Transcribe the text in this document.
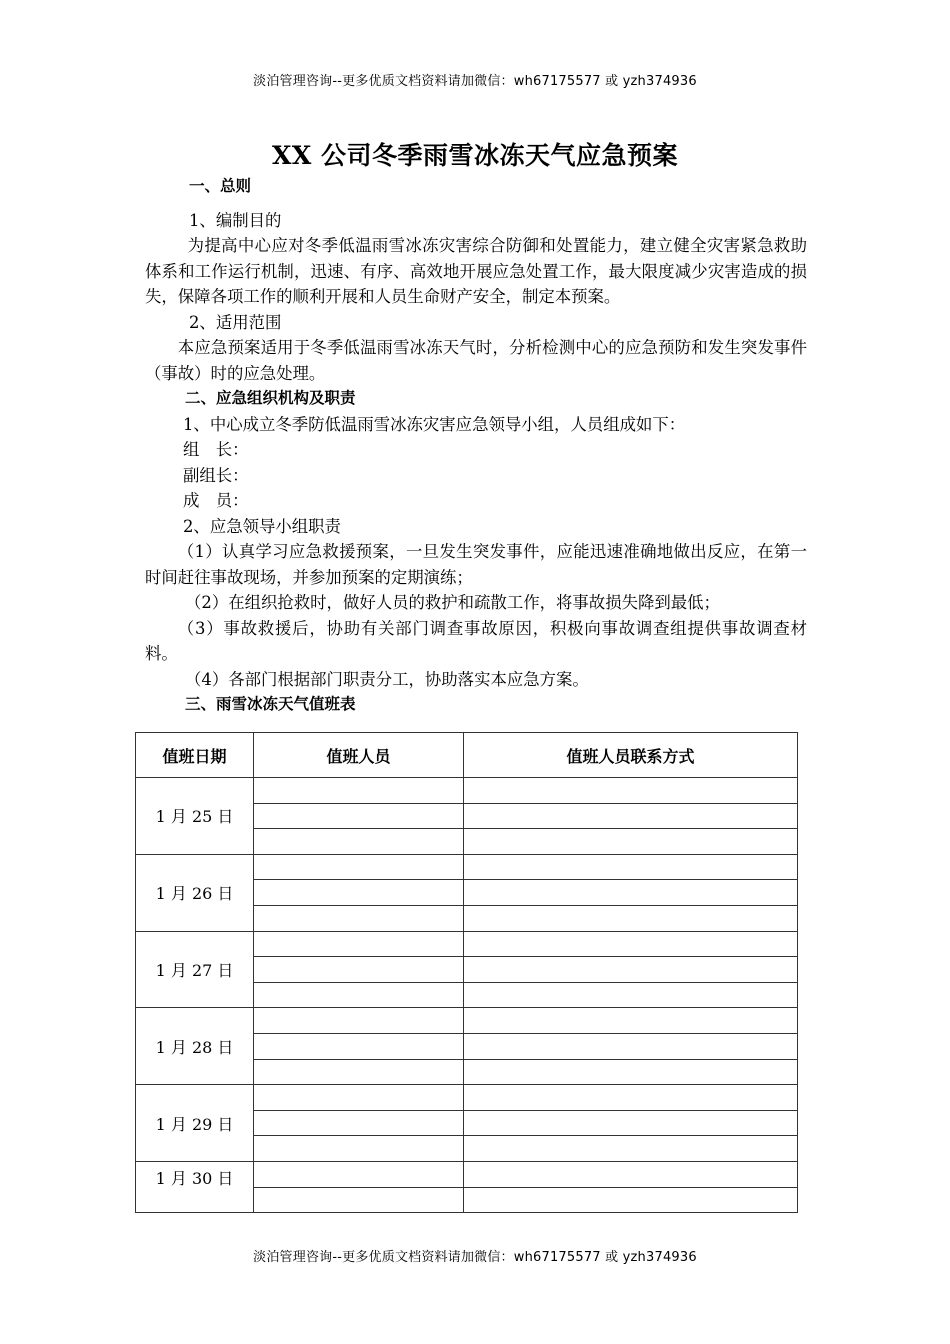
淡泊管理咨询--更多优质文档资料请加微信：wh67175577 或 yzh374936
XX 公司冬季雨雪冰冻天气应急预案
一、总则
1、编制目的
为提高中心应对冬季低温雨雪冰冻灾害综合防御和处置能力，建立健全灾害紧急救助体系和工作运行机制，迅速、有序、高效地开展应急处置工作，最大限度减少灾害造成的损失，保障各项工作的顺利开展和人员生命财产安全，制定本预案。
2、适用范围
本应急预案适用于冬季低温雨雪冰冻天气时，分析检测中心的应急预防和发生突发事件（事故）时的应急处理。
二、应急组织机构及职责
1、中心成立冬季防低温雨雪冰冻灾害应急领导小组，人员组成如下：
组　长：
副组长：
成　员：
2、应急领导小组职责
（1）认真学习应急救援预案，一旦发生突发事件，应能迅速准确地做出反应，在第一时间赶往事故现场，并参加预案的定期演练；
（2）在组织抢救时，做好人员的救护和疏散工作，将事故损失降到最低；
（3）事故救援后，协助有关部门调查事故原因，积极向事故调查组提供事故调查材料。
（4）各部门根据部门职责分工，协助落实本应急方案。
三、雨雪冰冻天气值班表
值班日期	值班人员	值班人员联系方式
1 月 25 日		

1 月 26 日		

1 月 27 日		

1 月 28 日		

1 月 29 日		

1 月 30 日		

淡泊管理咨询--更多优质文档资料请加微信：wh67175577 或 yzh374936
